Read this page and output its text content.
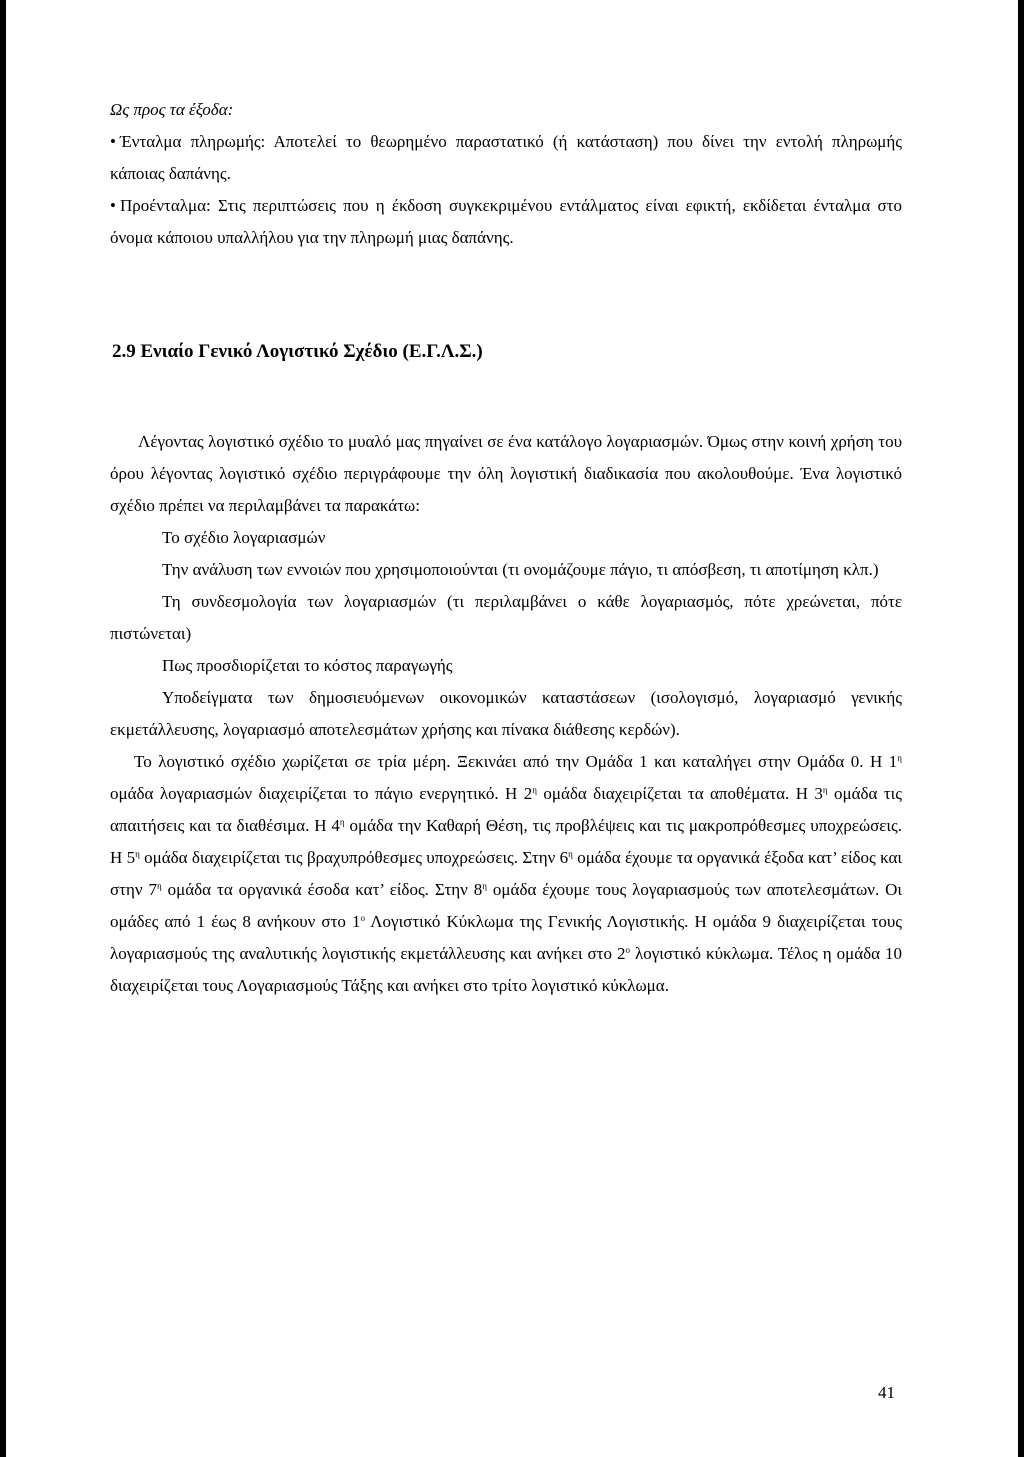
Ως προς τα έξοδα:

• Ένταλμα πληρωμής: Αποτελεί το θεωρημένο παραστατικό (ή κατάσταση) που δίνει την εντολή πληρωμής κάποιας δαπάνης.

• Προένταλμα: Στις περιπτώσεις που η έκδοση συγκεκριμένου εντάλματος είναι εφικτή, εκδίδεται ένταλμα στο όνομα κάποιου υπαλλήλου για την πληρωμή μιας δαπάνης.

2.9 Ενιαίο Γενικό Λογιστικό Σχέδιο (Ε.Γ.Λ.Σ.)

Λέγοντας λογιστικό σχέδιο το μυαλό μας πηγαίνει σε ένα κατάλογο λογαριασμών. Όμως στην κοινή χρήση του όρου λέγοντας λογιστικό σχέδιο περιγράφουμε την όλη λογιστική διαδικασία που ακολουθούμε. Ένα λογιστικό σχέδιο πρέπει να περιλαμβάνει τα παρακάτω:

Το σχέδιο λογαριασμών

Την ανάλυση των εννοιών που χρησιμοποιούνται (τι ονομάζουμε πάγιο, τι απόσβεση, τι αποτίμηση κλπ.)

Τη συνδεσμολογία των λογαριασμών (τι περιλαμβάνει ο κάθε λογαριασμός, πότε χρεώνεται, πότε πιστώνεται)

Πως προσδιορίζεται το κόστος παραγωγής

Υποδείγματα των δημοσιευόμενων οικονομικών καταστάσεων (ισολογισμό, λογαριασμό γενικής εκμετάλλευσης, λογαριασμό αποτελεσμάτων χρήσης και πίνακα διάθεσης κερδών).

Το λογιστικό σχέδιο χωρίζεται σε τρία μέρη. Ξεκινάει από την Ομάδα 1 και καταλήγει στην Ομάδα 0. Η $1^\eta$ ομάδα λογαριασμών διαχειρίζεται το πάγιο ενεργητικό. Η $2^\eta$ ομάδα διαχειρίζεται τα αποθέματα. Η $3^\eta$ ομάδα τις απαιτήσεις και τα διαθέσιμα. Η $4^\eta$ ομάδα την Καθαρή Θέση, τις προβλέψεις και τις μακροπρόθεσμες υποχρεώσεις. Η $5^\eta$ ομάδα διαχειρίζεται τις βραχυπρόθεσμες υποχρεώσεις. Στην $6^\eta$ ομάδα έχουμε τα οργανικά έξοδα κατ’ είδος και στην $7^\eta$ ομάδα τα οργανικά έσοδα κατ’ είδος. Στην $8^\eta$ ομάδα έχουμε τους λογαριασμούς των αποτελεσμάτων. Οι ομάδες από 1 έως 8 ανήκουν στο $1^o$ Λογιστικό Κύκλωμα της Γενικής Λογιστικής. Η ομάδα 9 διαχειρίζεται τους λογαριασμούς της αναλυτικής λογιστικής εκμετάλλευσης και ανήκει στο $2^o$ λογιστικό κύκλωμα. Τέλος η ομάδα 10 διαχειρίζεται τους Λογαριασμούς Τάξης και ανήκει στο τρίτο λογιστικό κύκλωμα.

41
